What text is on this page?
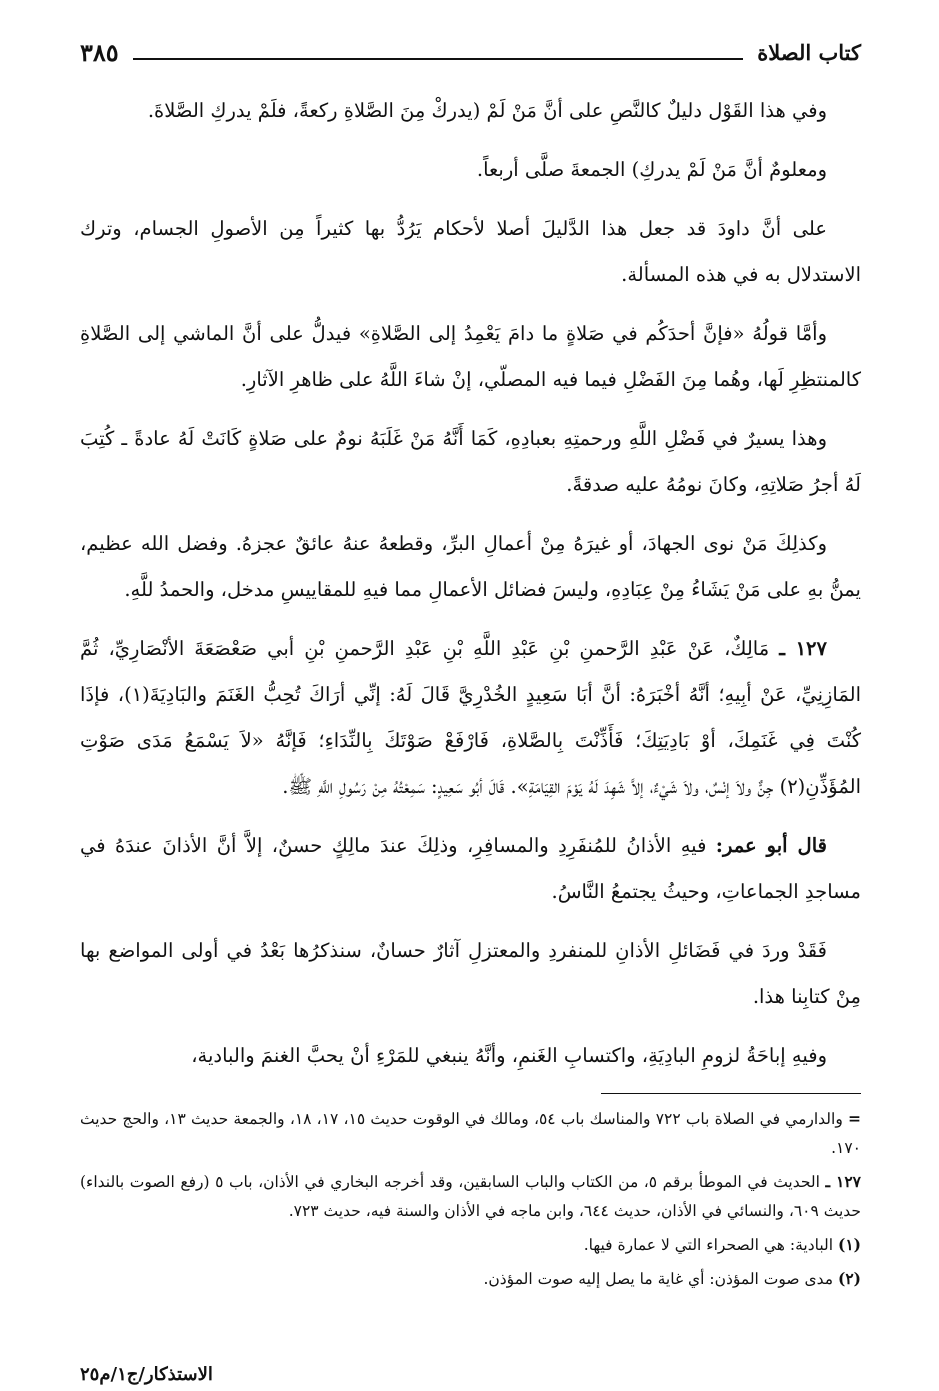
كتاب الصلاة
٣٨٥

وفي هذا القَوْل دليلٌ كالنَّصِ على أنَّ مَنْ لَمْ (يدركْ مِنَ الصَّلاةِ ركعةً، فلَمْ يدركِ الصَّلاةَ.

ومعلومٌ أنَّ مَنْ لَمْ يدركِ) الجمعةَ صلَّى أربعاً.

على أنَّ داودَ قد جعل هذا الدَّليلَ أصلا لأحكام يَرُدُّ بها كثيراً مِن الأصولِ الجسام، وترك الاستدلال به في هذه المسألة.

وأمَّا قولُهُ «فإنَّ أحدَكُم في صَلاةٍ ما دامَ يَعْمِدُ إلى الصَّلاةِ» فيدلُّ على أنَّ الماشي إلى الصَّلاةِ كالمنتظِرِ لَها، وهُما مِنَ الفَضْلِ فيما فيه المصلّي، إنْ شاءَ اللَّهُ على ظاهرِ الآثارِ.

وهذا يسيرٌ في فَضْلِ اللَّهِ ورحمتِهِ بعبادِهِ، كَمَا أَنَّهُ مَنْ غَلَبَهُ نومٌ على صَلاةٍ كَانَتْ لَهُ عادةً ـ كُتِبَ لَهُ أجرُ صَلاتِهِ، وكانَ نومُهُ عليه صدقةً.

وكذلِكَ مَنْ نوى الجهادَ، أو غيرَهُ مِنْ أعمالِ البرِّ، وقطعهُ عنهُ عائقٌ عجزهُ. وفضل الله عظيم، يمنُّ بهِ على مَنْ يَشَاءُ مِنْ عِبَادِهِ، وليسَ فضائل الأعمالِ مما فيهِ للمقاييسِ مدخل، والحمدُ للَّهِ.

١٢٧ ـ مَالِكٌ، عَنْ عَبْدِ الرَّحمنِ بْنِ عَبْدِ اللَّهِ بْنِ عَبْدِ الرَّحمنِ بْنِ أبي صَعْصَعَةَ الأنْصَارِيِّ، ثُمَّ المَازِنِيِّ، عَنْ أبِيهِ؛ أنَّهُ أخْبَرَهُ: أنَّ أبَا سَعِيدٍ الخُدْرِيَّ قَالَ لَهُ: إنِّي أرَاكَ تُحِبُّ الغَنَمَ والبَادِيَةَ(١)، فإذَا كُنْتَ فِي غَنَمِكَ، أوْ بَادِيَتِكَ؛ فَأَذِّنْتَ بِالصَّلاةِ، فَارْفَعْ صَوْتَكَ بِالنِّدَاءِ؛ فَإنَّهُ «لاَ يَسْمَعُ مَدَى صَوْتِ المُؤَذِّنِ(٢) جِنٌّ ولاَ إنْسٌ، ولاَ شَيْءٌ، إلاَّ شَهِدَ لَهُ يَوْمَ القِيَامَةِ». قَالَ أبُو سَعِيدٍ: سَمِعْتُهُ مِنْ رَسُولِ اللَّهِ ﷺ.

قال أبو عمر: فيهِ الأذانُ للمُنفَرِدِ والمسافِرِ، وذلِكَ عندَ مالِكٍ حسنٌ، إلاَّ أنَّ الأذانَ عندَهُ في مساجدِ الجماعاتِ، وحيثُ يجتمعُ النَّاسُ.

فَقَدْ وردَ في فَضَائلِ الأذانِ للمنفردِ والمعتزلِ آثارٌ حسانٌ، سنذكرُها بَعْدُ في أولى المواضع بها مِنْ كتابِنا هذا.

وفيهِ إباحَةُ لزومِ البادِيَةِ، واكتسابِ الغَنمِ، وأنَّهُ ينبغي للمَرْءِ أنْ يحبَّ الغنمَ والبادية،

= والدارمي في الصلاة باب ٧٢٢ والمناسك باب ٥٤، ومالك في الوقوت حديث ١٥، ١٧، ١٨، والجمعة حديث ١٣، والحج حديث ١٧٠.
١٢٧ ـ الحديث في الموطأ برقم ٥، من الكتاب والباب السابقين، وقد أخرجه البخاري في الأذان، باب ٥ (رفع الصوت بالنداء) حديث ٦٠٩، والنسائي في الأذان، حديث ٦٤٤، وابن ماجه في الأذان والسنة فيه، حديث ٧٢٣.
(١) البادية: هي الصحراء التي لا عمارة فيها.
(٢) مدى صوت المؤذن: أي غاية ما يصل إليه صوت المؤذن.
الاستذكار/ج١/م٢٥
